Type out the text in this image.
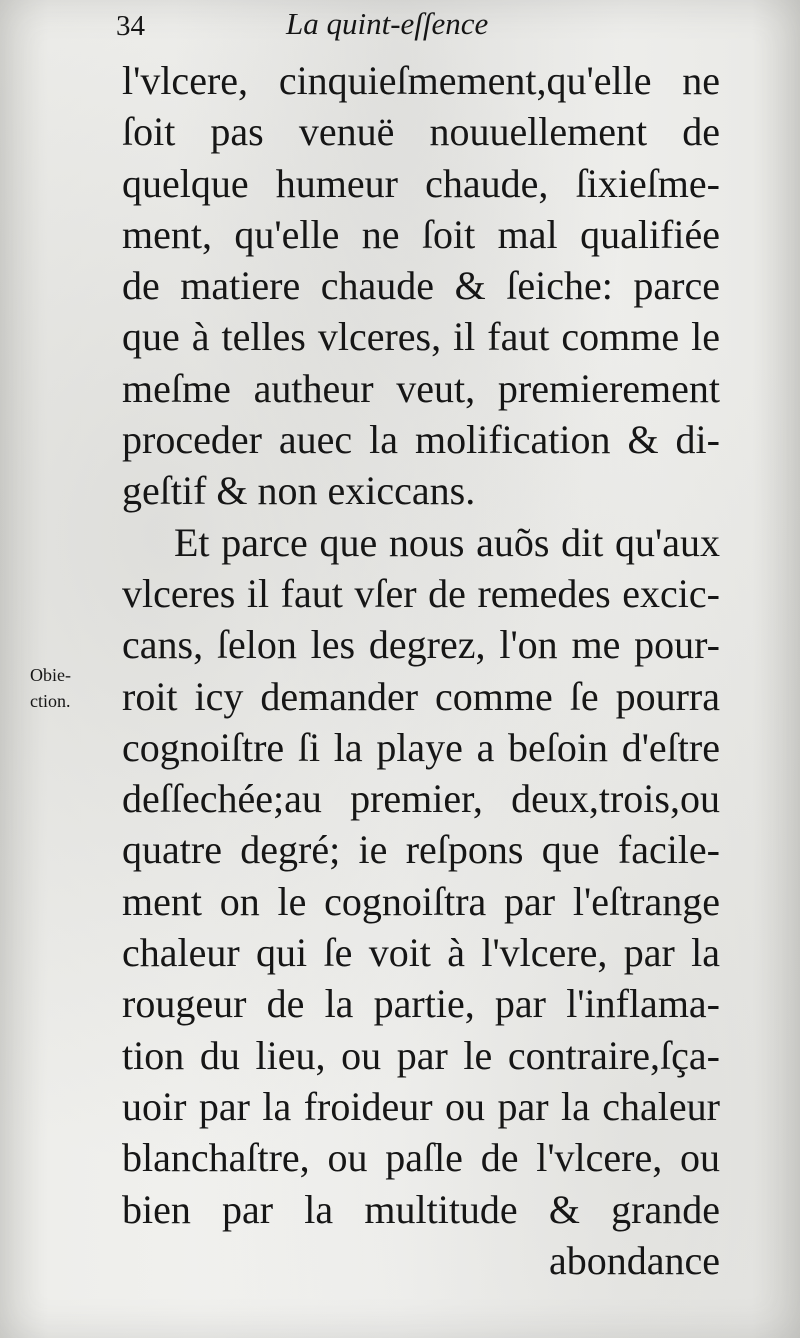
34	La quint-eſſence
Obie-
ction.
l'vlcere, cinquieſmement,qu'elle ne
ſoit pas venuë nouuellement de
quelque humeur chaude, ſixieſme-
ment, qu'elle ne ſoit mal qualifiée
de matiere chaude & ſeiche: parce
que à telles vlceres, il faut comme le
meſme autheur veut, premierement
proceder auec la molification & di-
geſtif & non exiccans.
Et parce que nous auõs dit qu'aux
vlceres il faut vſer de remedes excic-
cans, ſelon les degrez, l'on me pour-
roit icy demander comme ſe pourra
cognoiſtre ſi la playe a beſoin d'eſtre
deſſechée;au premier, deux,trois,ou
quatre degré; ie reſpons que facile-
ment on le cognoiſtra par l'eſtrange
chaleur qui ſe voit à l'vlcere, par la
rougeur de la partie, par l'inflama-
tion du lieu, ou par le contraire,ſça-
uoir par la froideur ou par la chaleur
blanchaſtre, ou paſle de l'vlcere, ou
bien par la multitude & grande
abondance
